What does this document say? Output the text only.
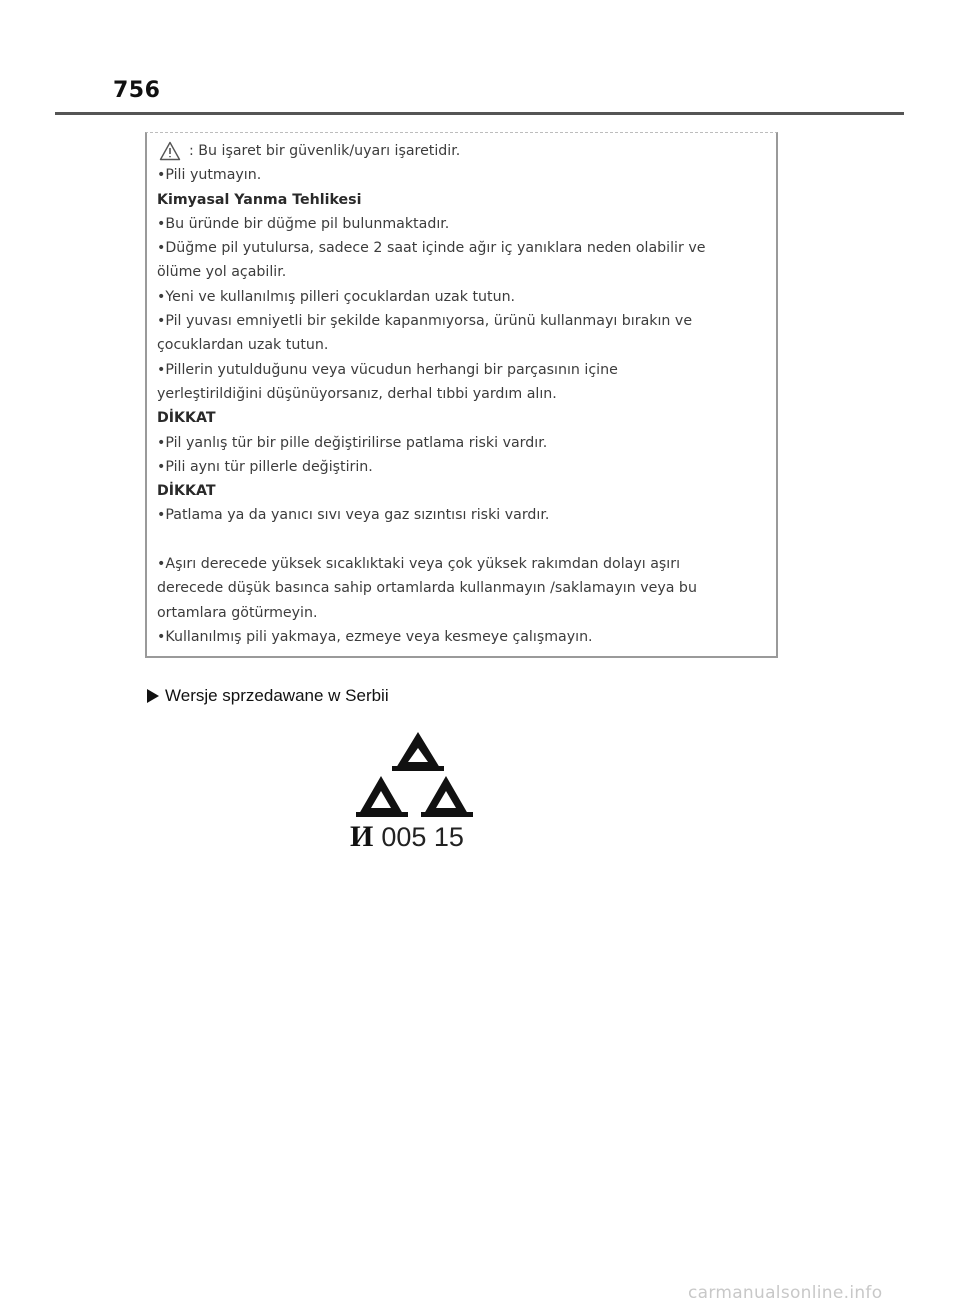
756
: Bu işaret bir güvenlik/uyarı işaretidir.
•Pili yutmayın.
Kimyasal Yanma Tehlikesi
•Bu üründe bir düğme pil bulunmaktadır.
•Düğme pil yutulursa, sadece 2 saat içinde ağır iç yanıklara neden olabilir ve
ölüme yol açabilir.
•Yeni ve kullanılmış pilleri çocuklardan uzak tutun.
•Pil yuvası emniyetli bir şekilde kapanmıyorsa, ürünü kullanmayı bırakın ve
çocuklardan uzak tutun.
•Pillerin yutulduğunu veya vücudun herhangi bir parçasının içine
yerleştirildiğini düşünüyorsanız, derhal tıbbi yardım alın.
DİKKAT
•Pil yanlış tür bir pille değiştirilirse patlama riski vardır.
•Pili aynı tür pillerle değiştirin.
DİKKAT
•Patlama ya da yanıcı sıvı veya gaz sızıntısı riski vardır.
•Aşırı derecede yüksek sıcaklıktaki veya çok yüksek rakımdan dolayı aşırı
derecede düşük basınca sahip ortamlarda kullanmayın /saklamayın veya bu
ortamlara götürmeyin.
•Kullanılmış pili yakmaya, ezmeye veya kesmeye çalışmayın.
Wersje sprzedawane w Serbii
И 005 15
carmanualsonline.info
